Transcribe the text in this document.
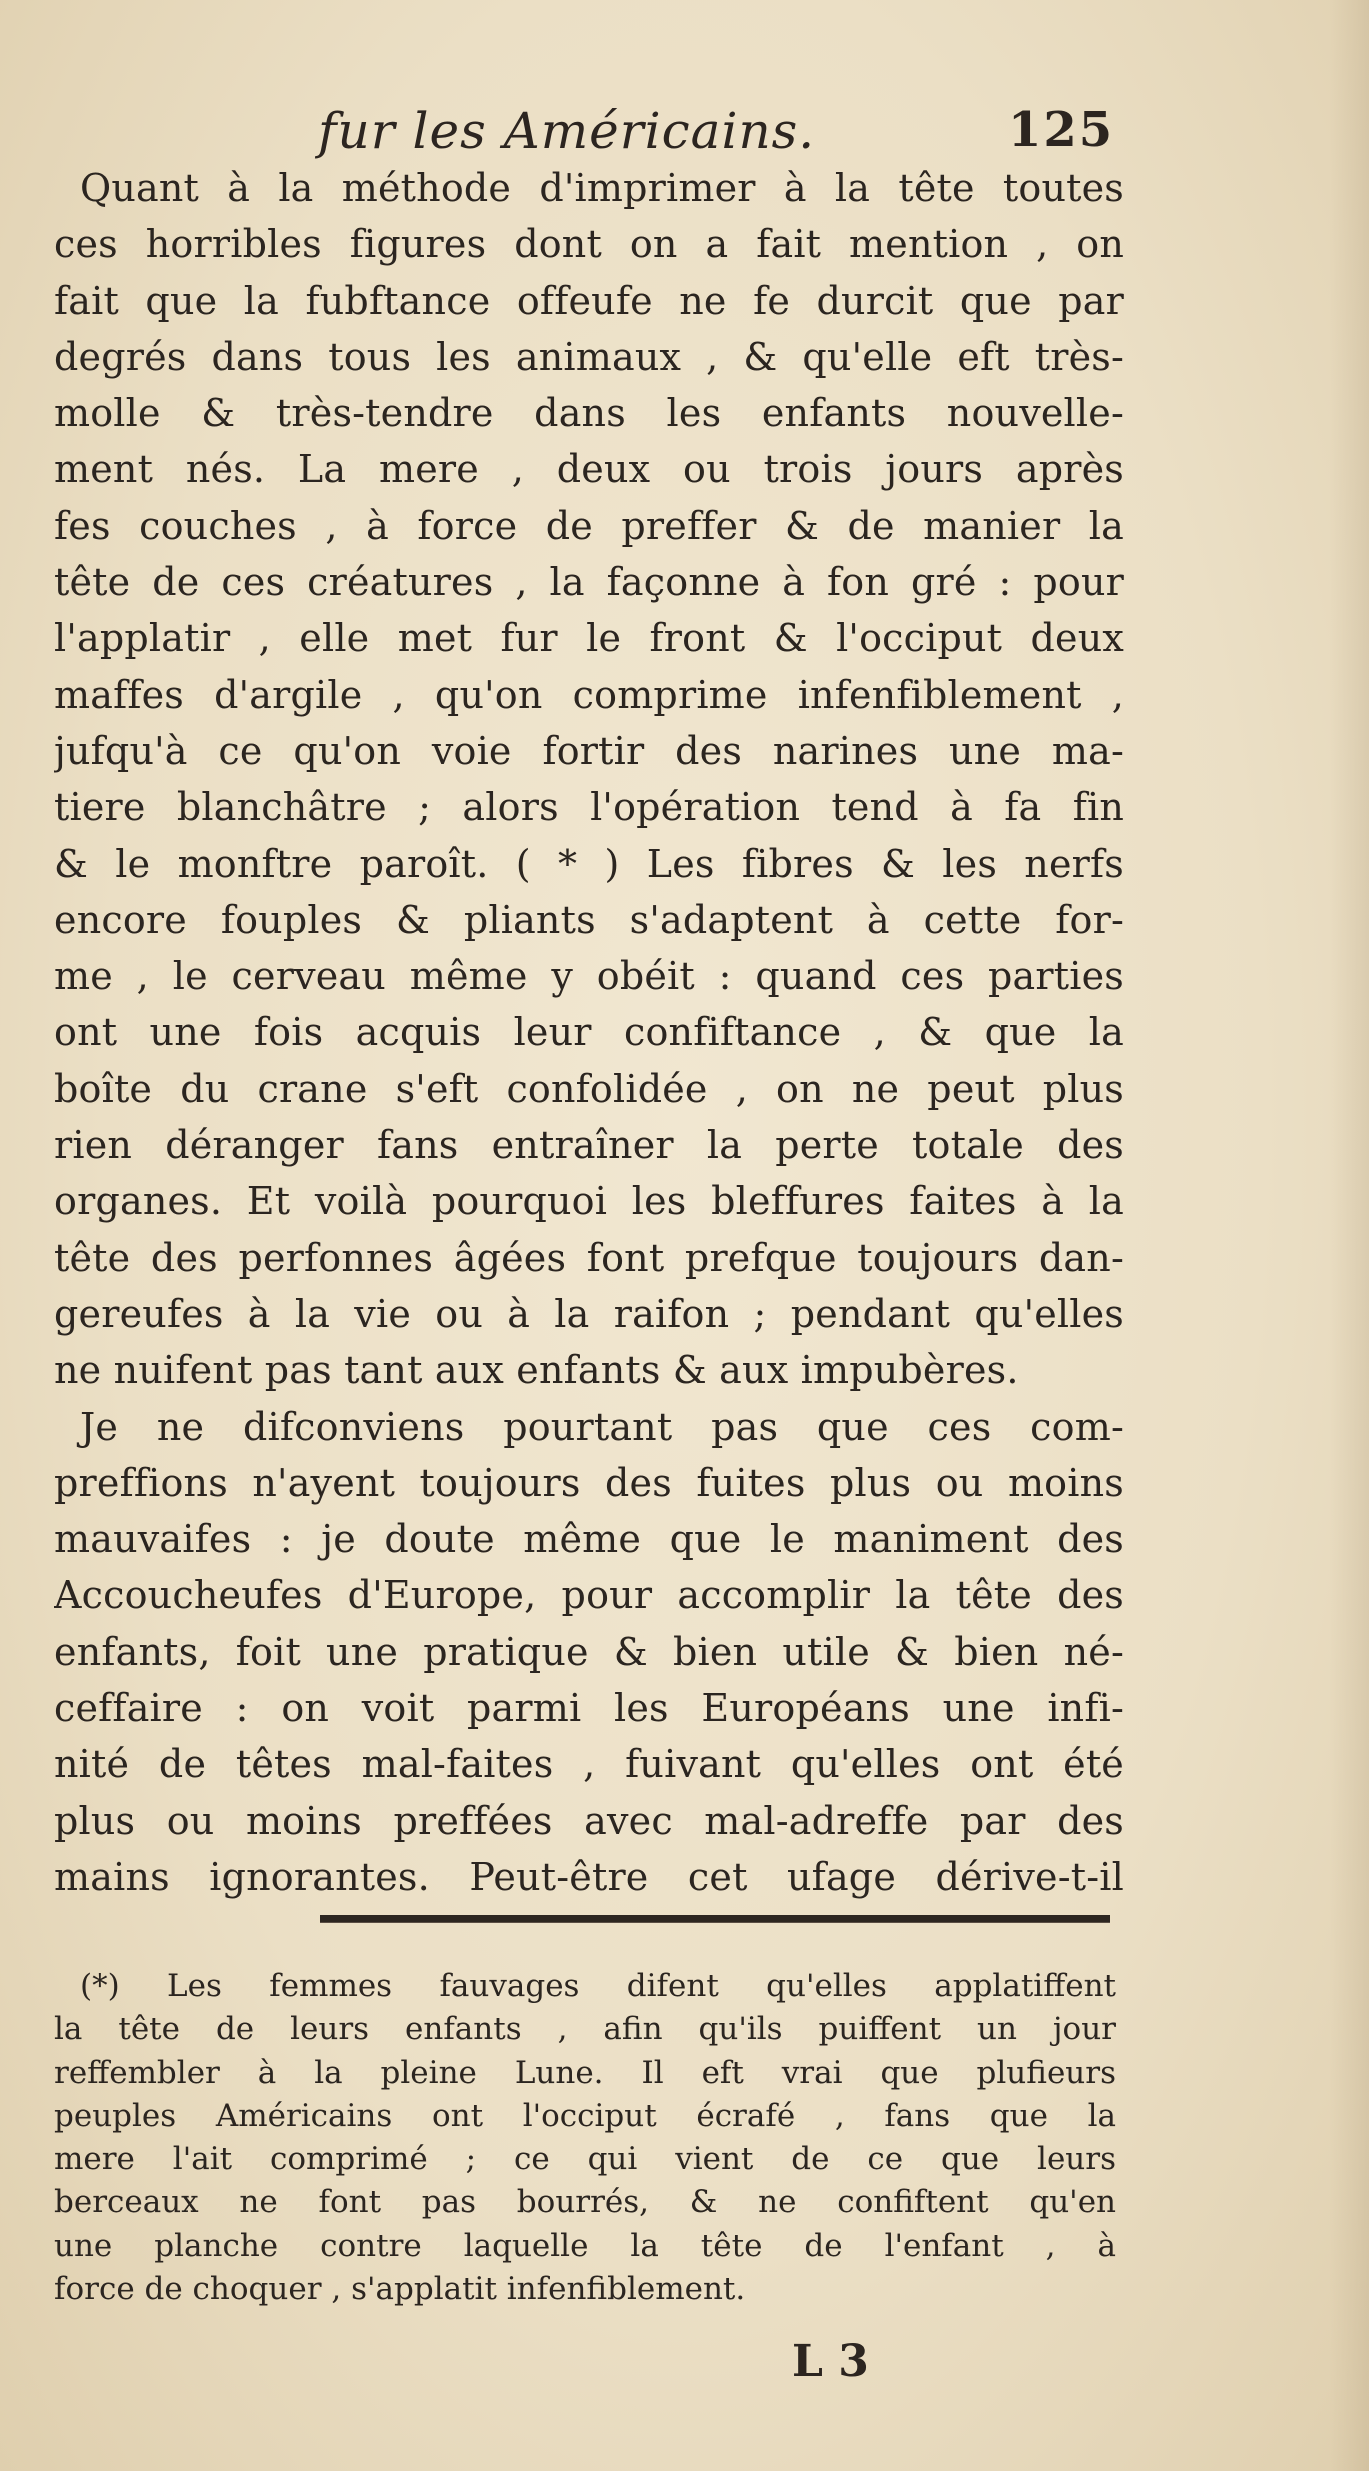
fur les Américains.	125
Quant à la méthode d'imprimer à la tête toutes
ces horribles figures dont on a fait mention , on
fait que la fubftance offeufe ne fe durcit que par
degrés dans tous les animaux , & qu'elle eft très-
molle & très-tendre dans les enfants nouvelle-
ment nés. La mere , deux ou trois jours après
fes couches , à force de preffer & de manier la
tête de ces créatures , la façonne à fon gré : pour
l'applatir , elle met fur le front & l'occiput deux
maffes d'argile , qu'on comprime infenfiblement ,
jufqu'à ce qu'on voie fortir des narines une ma-
tiere blanchâtre ; alors l'opération tend à fa fin
& le monftre paroît. ( * ) Les fibres & les nerfs
encore fouples & pliants s'adaptent à cette for-
me , le cerveau même y obéit : quand ces parties
ont une fois acquis leur confiftance , & que la
boîte du crane s'eft confolidée , on ne peut plus
rien déranger fans entraîner la perte totale des
organes. Et voilà pourquoi les bleffures faites à la
tête des perfonnes âgées font prefque toujours dan-
gereufes à la vie ou à la raifon ; pendant qu'elles
ne nuifent pas tant aux enfants & aux impubères.
Je ne difconviens pourtant pas que ces com-
preffions n'ayent toujours des fuites plus ou moins
mauvaifes : je doute même que le maniment des
Accoucheufes d'Europe, pour accomplir la tête des
enfants, foit une pratique & bien utile & bien né-
ceffaire : on voit parmi les Européans une infi-
nité de têtes mal-faites , fuivant qu'elles ont été
plus ou moins preffées avec mal-adreffe par des
mains ignorantes. Peut-être cet ufage dérive-t-il
(*) Les femmes fauvages difent qu'elles applatiffent
la tête de leurs enfants , afin qu'ils puiffent un jour
reffembler à la pleine Lune. Il eft vrai que plufieurs
peuples Américains ont l'occiput écrafé , fans que la
mere l'ait comprimé ; ce qui vient de ce que leurs
berceaux ne font pas bourrés, & ne confiftent qu'en
une planche contre laquelle la tête de l'enfant , à
force de choquer , s'applatit infenfiblement.
L 3
